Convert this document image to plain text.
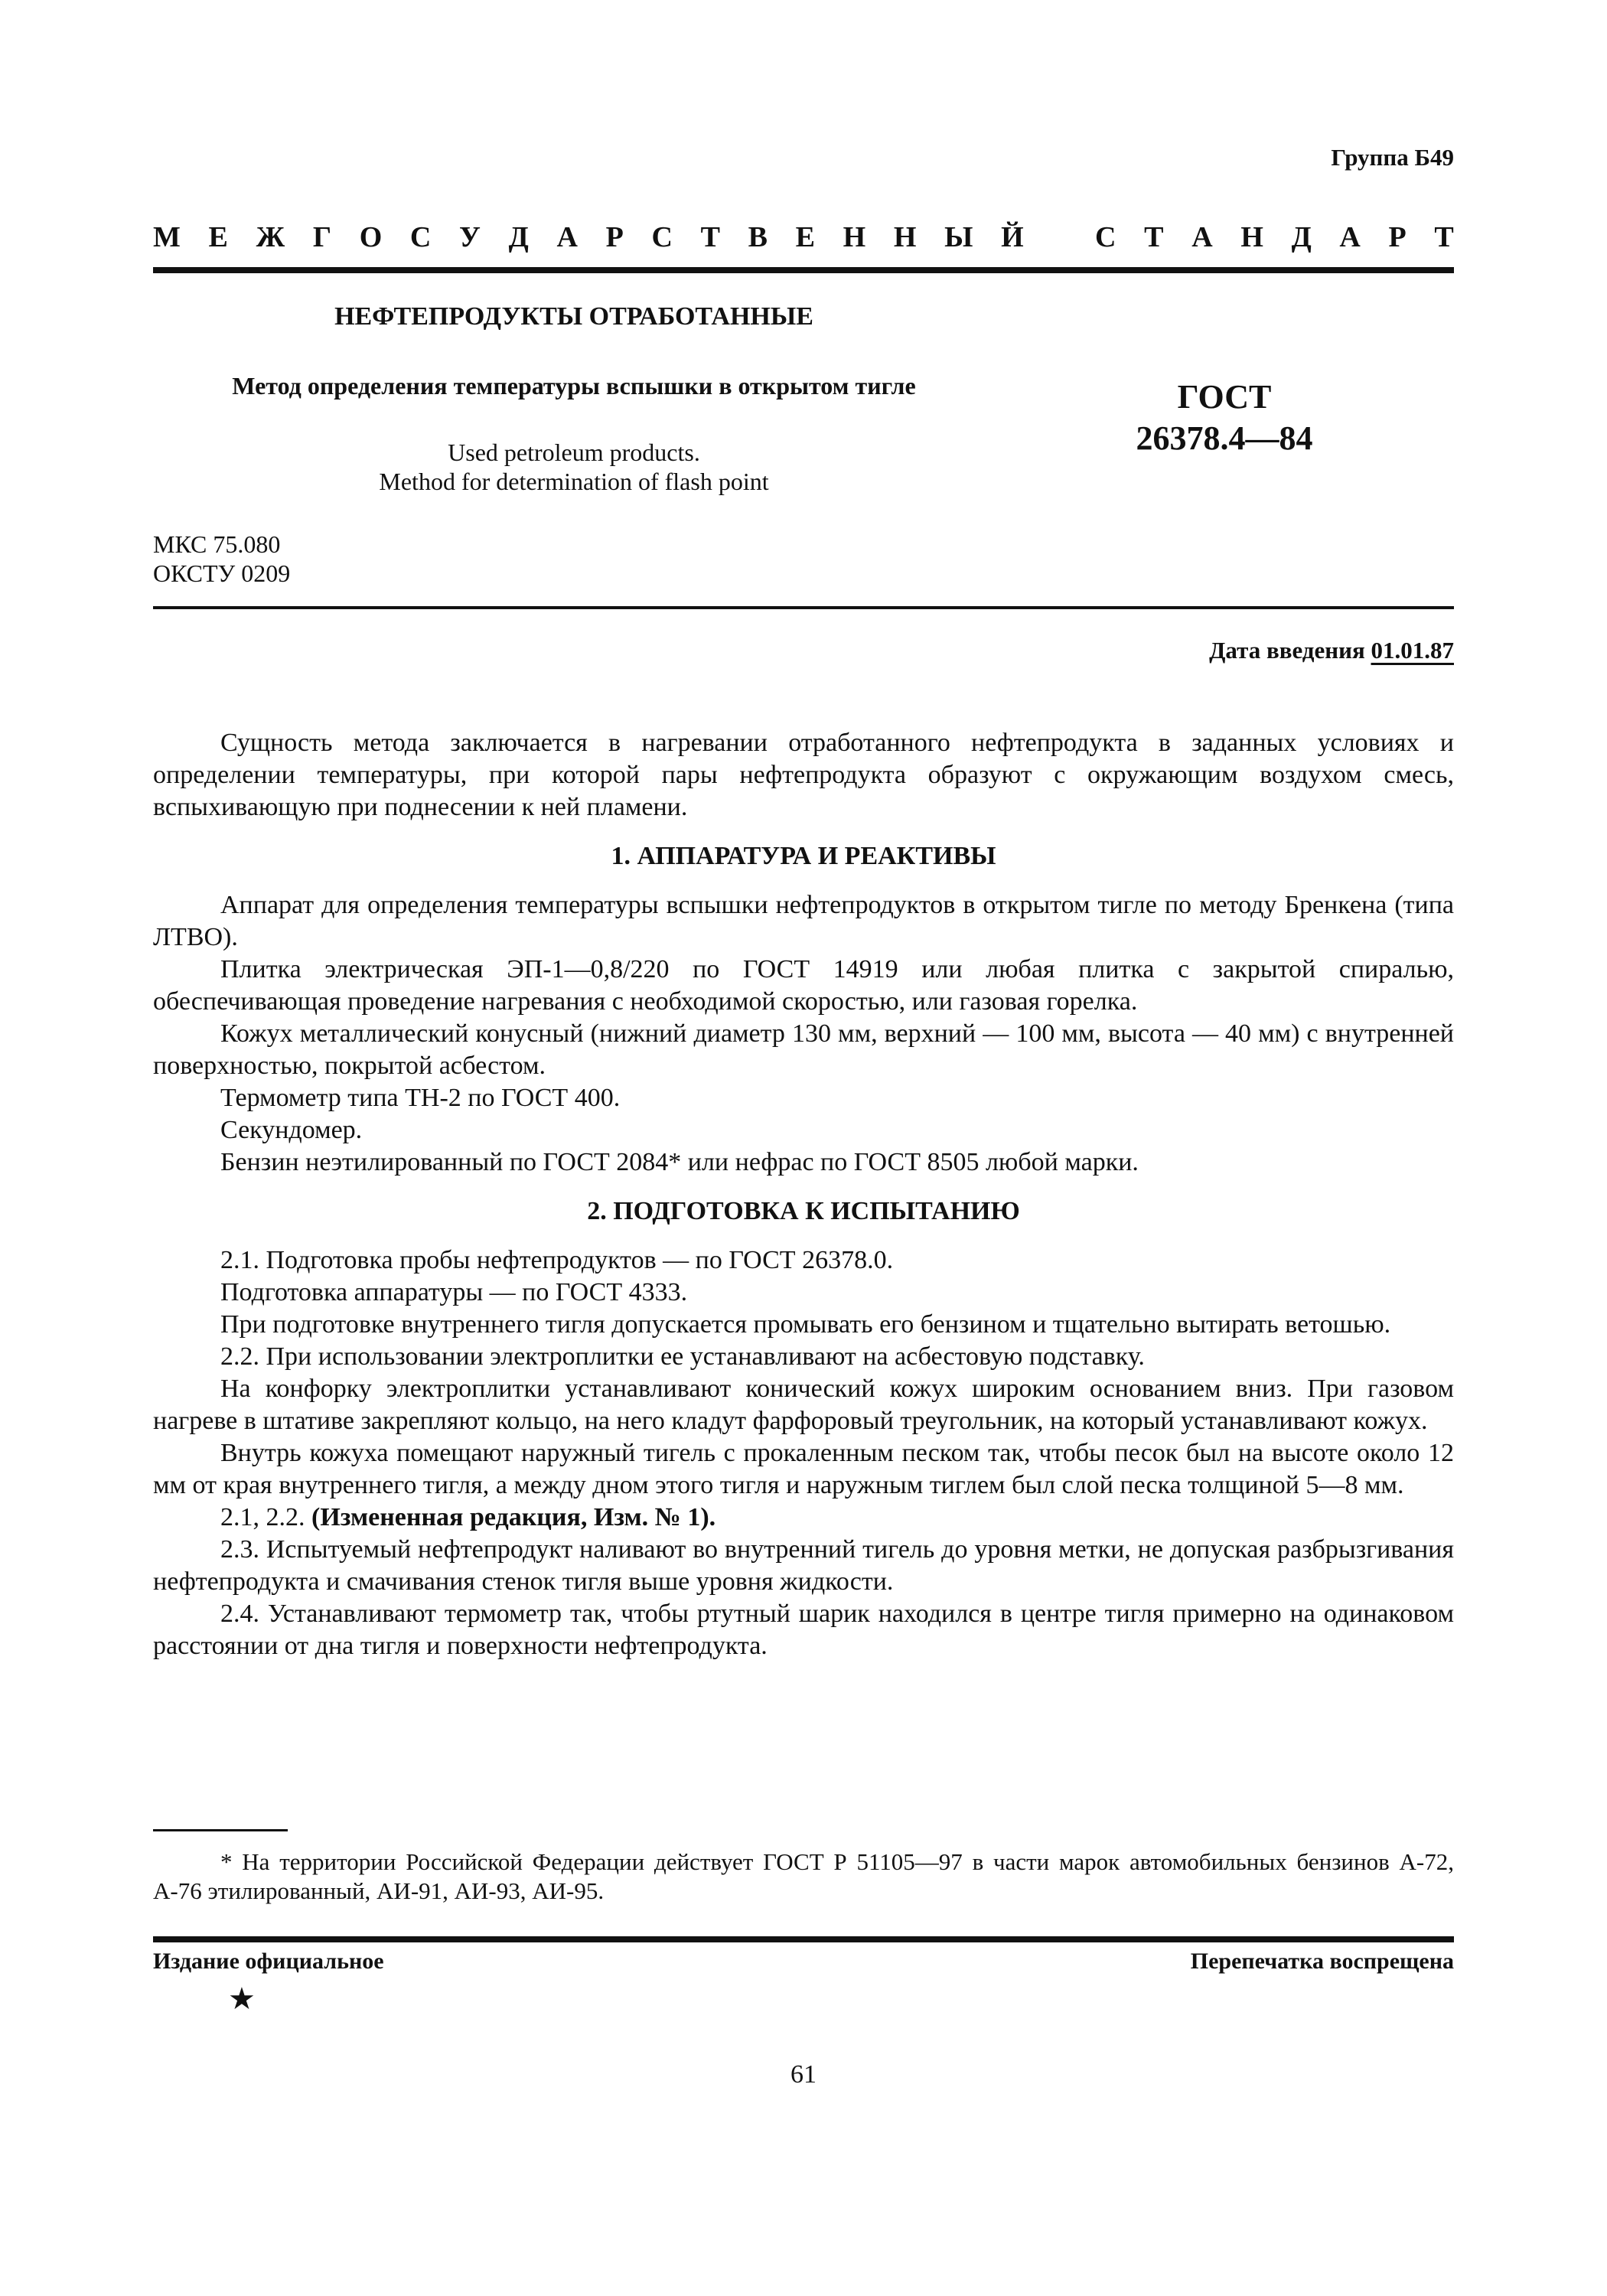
Группа Б49
М Е Ж Г О С У Д А Р С Т В Е Н Н Ы Й С Т А Н Д А Р Т
НЕФТЕПРОДУКТЫ ОТРАБОТАННЫЕ
Метод определения температуры вспышки в открытом тигле
Used petroleum products.
Method for determination of flash point
ГОСТ
26378.4—84
МКС 75.080
ОКСТУ 0209
Дата введения 01.01.87

Сущность метода заключается в нагревании отработанного нефтепродукта в заданных условиях и определении температуры, при которой пары нефтепродукта образуют с окружающим воздухом смесь, вспыхивающую при поднесении к ней пламени.

1. АППАРАТУРА И РЕАКТИВЫ

Аппарат для определения температуры вспышки нефтепродуктов в открытом тигле по методу Бренкена (типа ЛТВО).

Плитка электрическая ЭП-1—0,8/220 по ГОСТ 14919 или любая плитка с закрытой спиралью, обеспечивающая проведение нагревания с необходимой скоростью, или газовая горелка.

Кожух металлический конусный (нижний диаметр 130 мм, верхний — 100 мм, высота — 40 мм) с внутренней поверхностью, покрытой асбестом.

Термометр типа ТН-2 по ГОСТ 400.

Секундомер.

Бензин неэтилированный по ГОСТ 2084* или нефрас по ГОСТ 8505 любой марки.

2. ПОДГОТОВКА К ИСПЫТАНИЮ

2.1. Подготовка пробы нефтепродуктов — по ГОСТ 26378.0.

Подготовка аппаратуры — по ГОСТ 4333.

При подготовке внутреннего тигля допускается промывать его бензином и тщательно вытирать ветошью.

2.2. При использовании электроплитки ее устанавливают на асбестовую подставку.

На конфорку электроплитки устанавливают конический кожух широким основанием вниз. При газовом нагреве в штативе закрепляют кольцо, на него кладут фарфоровый треугольник, на который устанавливают кожух.

Внутрь кожуха помещают наружный тигель с прокаленным песком так, чтобы песок был на высоте около 12 мм от края внутреннего тигля, а между дном этого тигля и наружным тиглем был слой песка толщиной 5—8 мм.

2.1, 2.2. (Измененная редакция, Изм. № 1).

2.3. Испытуемый нефтепродукт наливают во внутренний тигель до уровня метки, не допуская разбрызгивания нефтепродукта и смачивания стенок тигля выше уровня жидкости.

2.4. Устанавливают термометр так, чтобы ртутный шарик находился в центре тигля примерно на одинаковом расстоянии от дна тигля и поверхности нефтепродукта.

* На территории Российской Федерации действует ГОСТ Р 51105—97 в части марок автомобильных бензинов А-72, А-76 этилированный, АИ-91, АИ-93, АИ-95.
Издание официальное	Перепечатка воспрещена
★
61
